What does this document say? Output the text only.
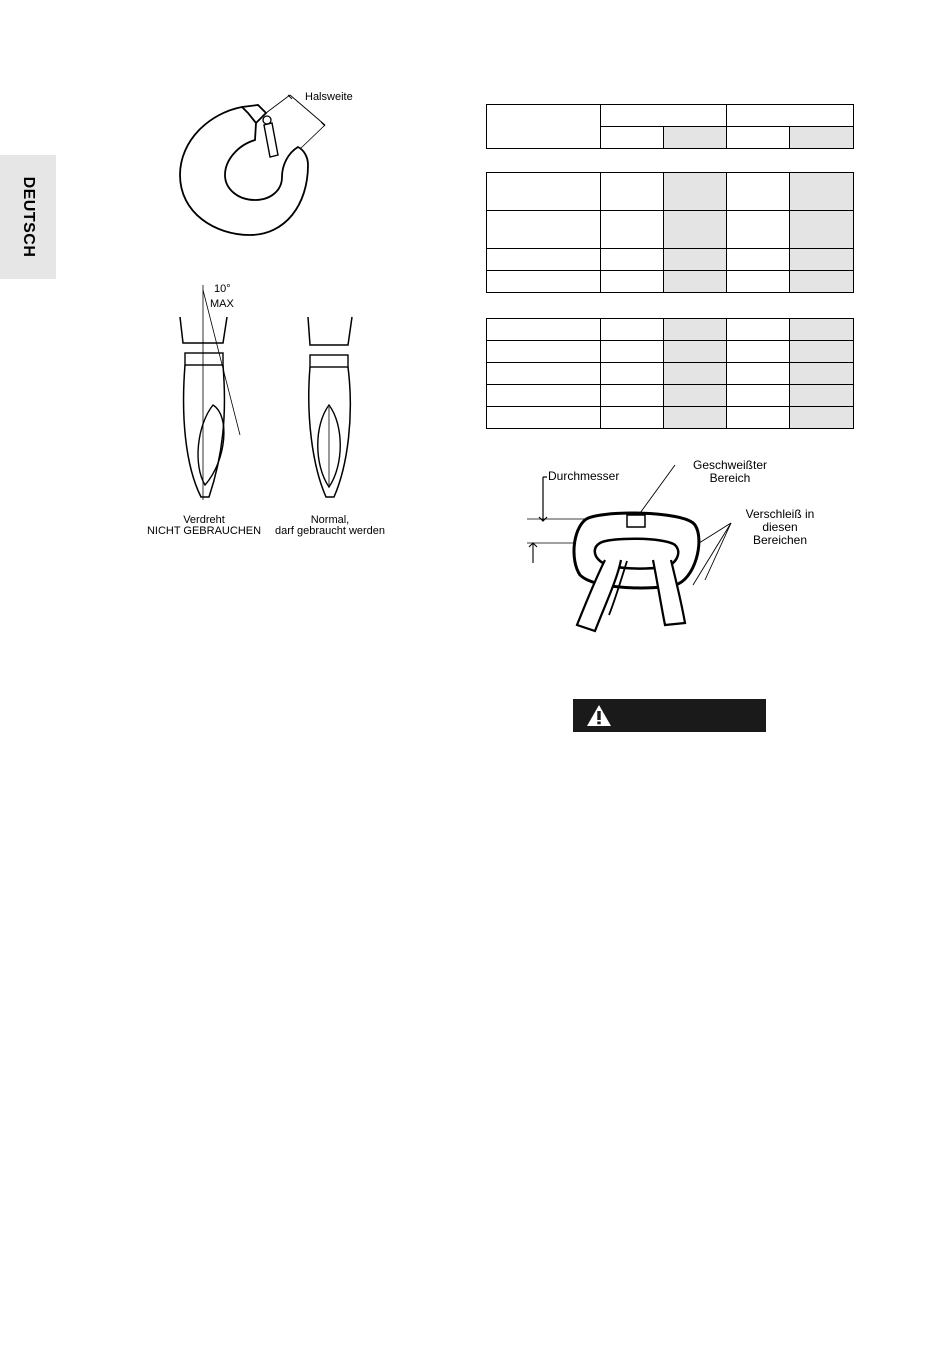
DEUTSCH
Halsweite
10°
MAX
Verdreht
NICHT GEBRAUCHEN
Normal,
darf gebraucht werden

Durchmesser
Geschweißter
Bereich
Verschleiß in
diesen
Bereichen
